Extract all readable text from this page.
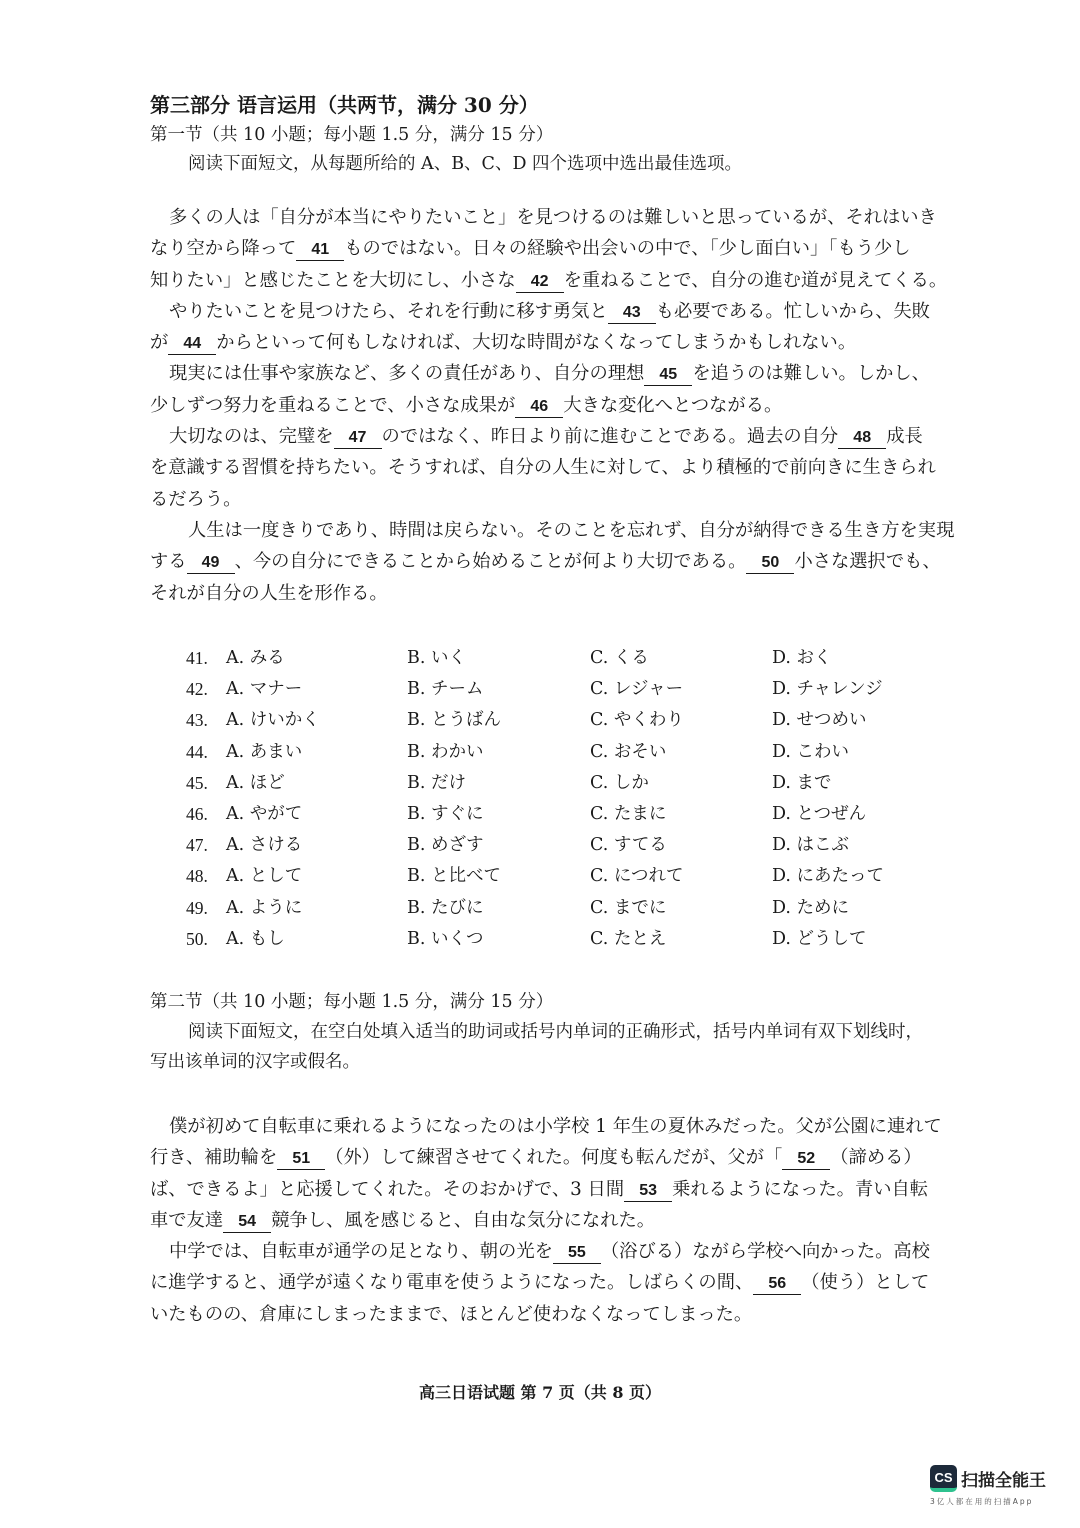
第三部分 语言运用（共两节，满分 30 分）
第一节（共 10 小题；每小题 1.5 分，满分 15 分）
阅读下面短文，从每题所给的 A、B、C、D 四个选项中选出最佳选项。
多くの人は「自分が本当にやりたいこと」を見つけるのは難しいと思っているが、それはいき
なり空から降って 41 ものではない。日々の経験や出会いの中で、「少し面白い」「もう少し
知りたい」と感じたことを大切にし、小さな 42 を重ねることで、自分の進む道が見えてくる。
やりたいことを見つけたら、それを行動に移す勇気と 43 も必要である。忙しいから、失敗
が 44 からといって何もしなければ、大切な時間がなくなってしまうかもしれない。
現実には仕事や家族など、多くの責任があり、自分の理想 45 を追うのは難しい。しかし、
少しずつ努力を重ねることで、小さな成果が 46 大きな変化へとつながる。
大切なのは、完璧を 47 のではなく、昨日より前に進むことである。過去の自分 48 成長
を意識する習慣を持ちたい。そうすれば、自分の人生に対して、より積極的で前向きに生きられ
るだろう。
人生は一度きりであり、時間は戻らない。そのことを忘れず、自分が納得できる生き方を実現
する 49 、今の自分にできることから始めることが何より大切である。 50 小さな選択でも、
それが自分の人生を形作る。
41. A. みる	B. いく	C. くる	D. おく
42. A. マナー	B. チーム	C. レジャー	D. チャレンジ
43. A. けいかく	B. とうばん	C. やくわり	D. せつめい
44. A. あまい	B. わかい	C. おそい	D. こわい
45. A. ほど	B. だけ	C. しか	D. まで
46. A. やがて	B. すぐに	C. たまに	D. とつぜん
47. A. さける	B. めざす	C. すてる	D. はこぶ
48. A. として	B. と比べて	C. につれて	D. にあたって
49. A. ように	B. たびに	C. までに	D. ために
50. A. もし	B. いくつ	C. たとえ	D. どうして
第二节（共 10 小题；每小题 1.5 分，满分 15 分）
阅读下面短文，在空白处填入适当的助词或括号内单词的正确形式，括号内单词有双下划线时，
写出该单词的汉字或假名。
僕が初めて自転車に乗れるようになったのは小学校 1 年生の夏休みだった。父が公園に連れて
行き、補助輪を 51 （外）して練習させてくれた。何度も転んだが、父が「 52 （諦める）
ば、できるよ」と応援してくれた。そのおかげで、3 日間 53 乗れるようになった。青い自転
車で友達 54 競争し、風を感じると、自由な気分になれた。
中学では、自転車が通学の足となり、朝の光を 55 （浴びる）ながら学校へ向かった。高校
に進学すると、通学が遠くなり電車を使うようになった。しばらくの間、 56 （使う）として
いたものの、倉庫にしまったままで、ほとんど使わなくなってしまった。
高三日语试题 第 7 页（共 8 页）
CS 扫描全能王
3亿人都在用的扫描App
